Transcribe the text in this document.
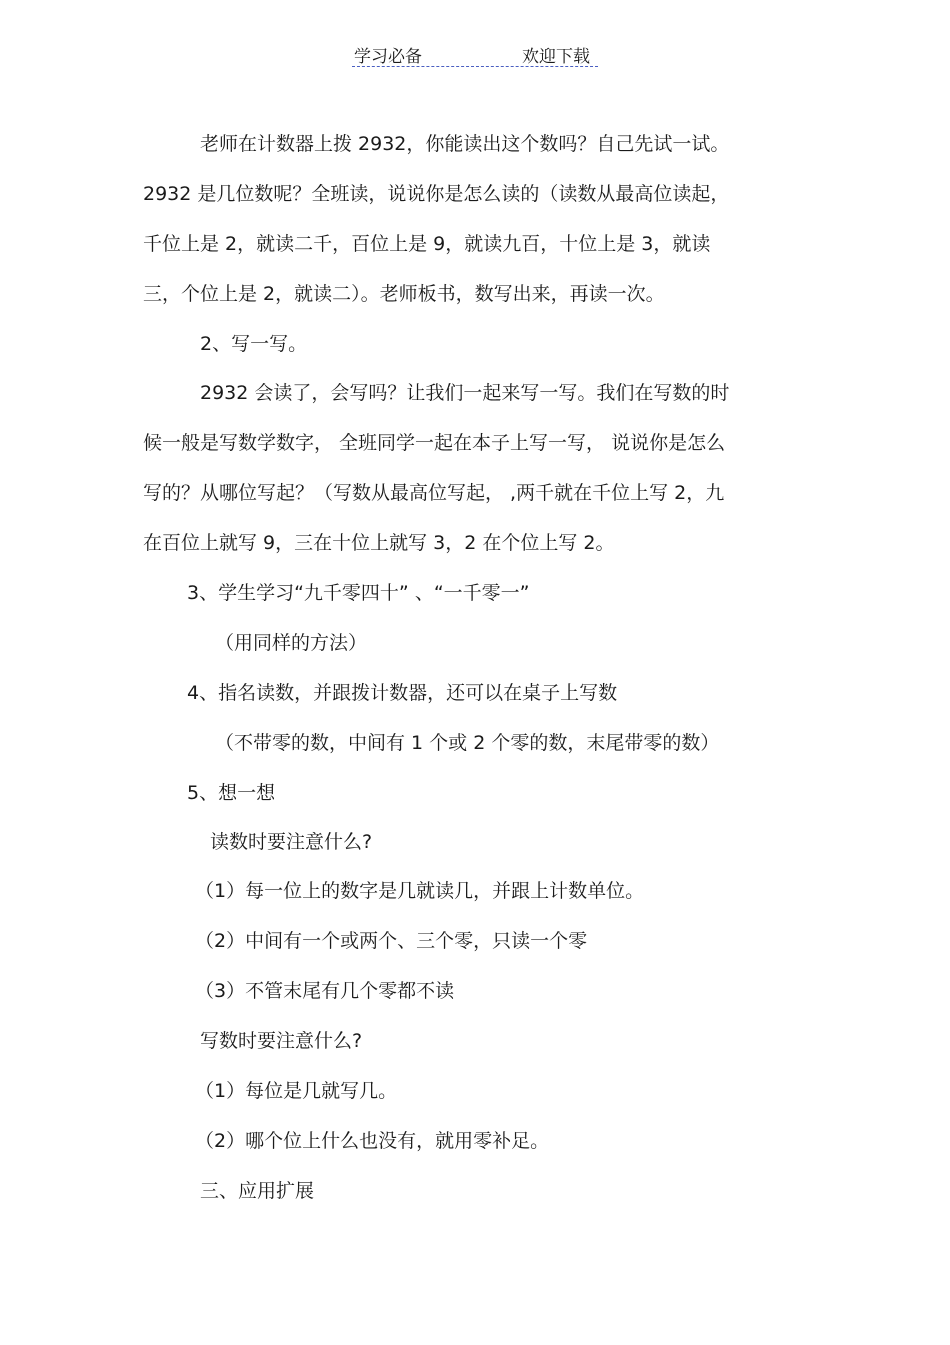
学习必备	欢迎下载
老师在计数器上拨 2932，你能读出这个数吗？自己先试一试。
2932 是几位数呢？全班读，说说你是怎么读的（读数从最高位读起，
千位上是 2，就读二千，百位上是 9，就读九百，十位上是 3，就读
三，个位上是 2，就读二）。老师板书，数写出来，再读一次。
2、写一写。
2932 会读了，会写吗？让我们一起来写一写。我们在写数的时
候一般是写数学数字， 全班同学一起在本子上写一写， 说说你是怎么
写的？从哪位写起？（写数从最高位写起， ,两千就在千位上写 2，九
在百位上就写 9，三在十位上就写 3，2 在个位上写 2。
3、学生学习“九千零四十” 、“一千零一”
（用同样的方法）
4、指名读数，并跟拨计数器，还可以在桌子上写数
（不带零的数，中间有 1 个或 2 个零的数，末尾带零的数）
5、想一想
读数时要注意什么?
（1）每一位上的数字是几就读几，并跟上计数单位。
（2）中间有一个或两个、三个零，只读一个零
（3）不管末尾有几个零都不读
写数时要注意什么?
（1）每位是几就写几。
（2）哪个位上什么也没有，就用零补足。
三、应用扩展
